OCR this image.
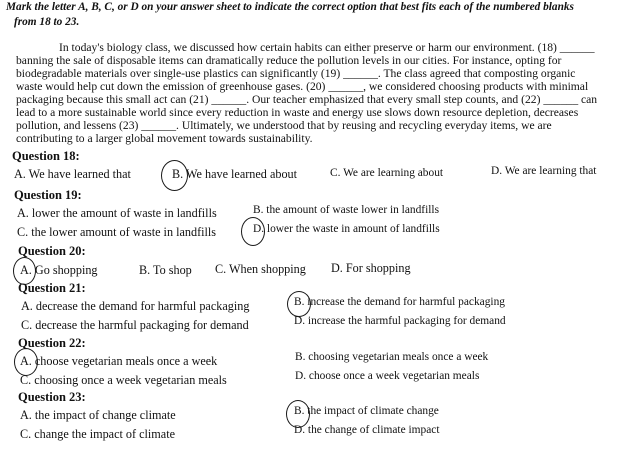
Mark the letter A, B, C, or D on your answer sheet to indicate the correct option that best fits each of the numbered blanks
from 18 to 23.
In today's biology class, we discussed how certain habits can either preserve or harm our environment. (18) ______
banning the sale of disposable items can dramatically reduce the pollution levels in our cities. For instance, opting for
biodegradable materials over single-use plastics can significantly (19) ______. The class agreed that composting organic
waste would help cut down the emission of greenhouse gases. (20) ______, we considered choosing products with minimal
packaging because this small act can (21) ______. Our teacher emphasized that every small step counts, and (22) ______ can
lead to a more sustainable world since every reduction in waste and energy use slows down resource depletion, decreases
pollution, and lessens (23) ______. Ultimately, we understood that by reusing and recycling everyday items, we are
contributing to a larger global movement towards sustainability.
Question 18:
A. We have learned that	B. We have learned about	C. We are learning about	D. We are learning that
Question 19:
A. lower the amount of waste in landfills	B. the amount of waste lower in landfills
C. the lower amount of waste in landfills	D. lower the waste in amount of landfills
Question 20:
A. Go shopping	B. To shop C. When shopping D. For shopping
Question 21:
A. decrease the demand for harmful packaging	B. increase the demand for harmful packaging
C. decrease the harmful packaging for demand	D. increase the harmful packaging for demand
Question 22:
A. choose vegetarian meals once a week	B. choosing vegetarian meals once a week
C. choosing once a week vegetarian meals	D. choose once a week vegetarian meals
Question 23:
A. the impact of change climate	B. the impact of climate change
C. change the impact of climate	D. the change of climate impact
